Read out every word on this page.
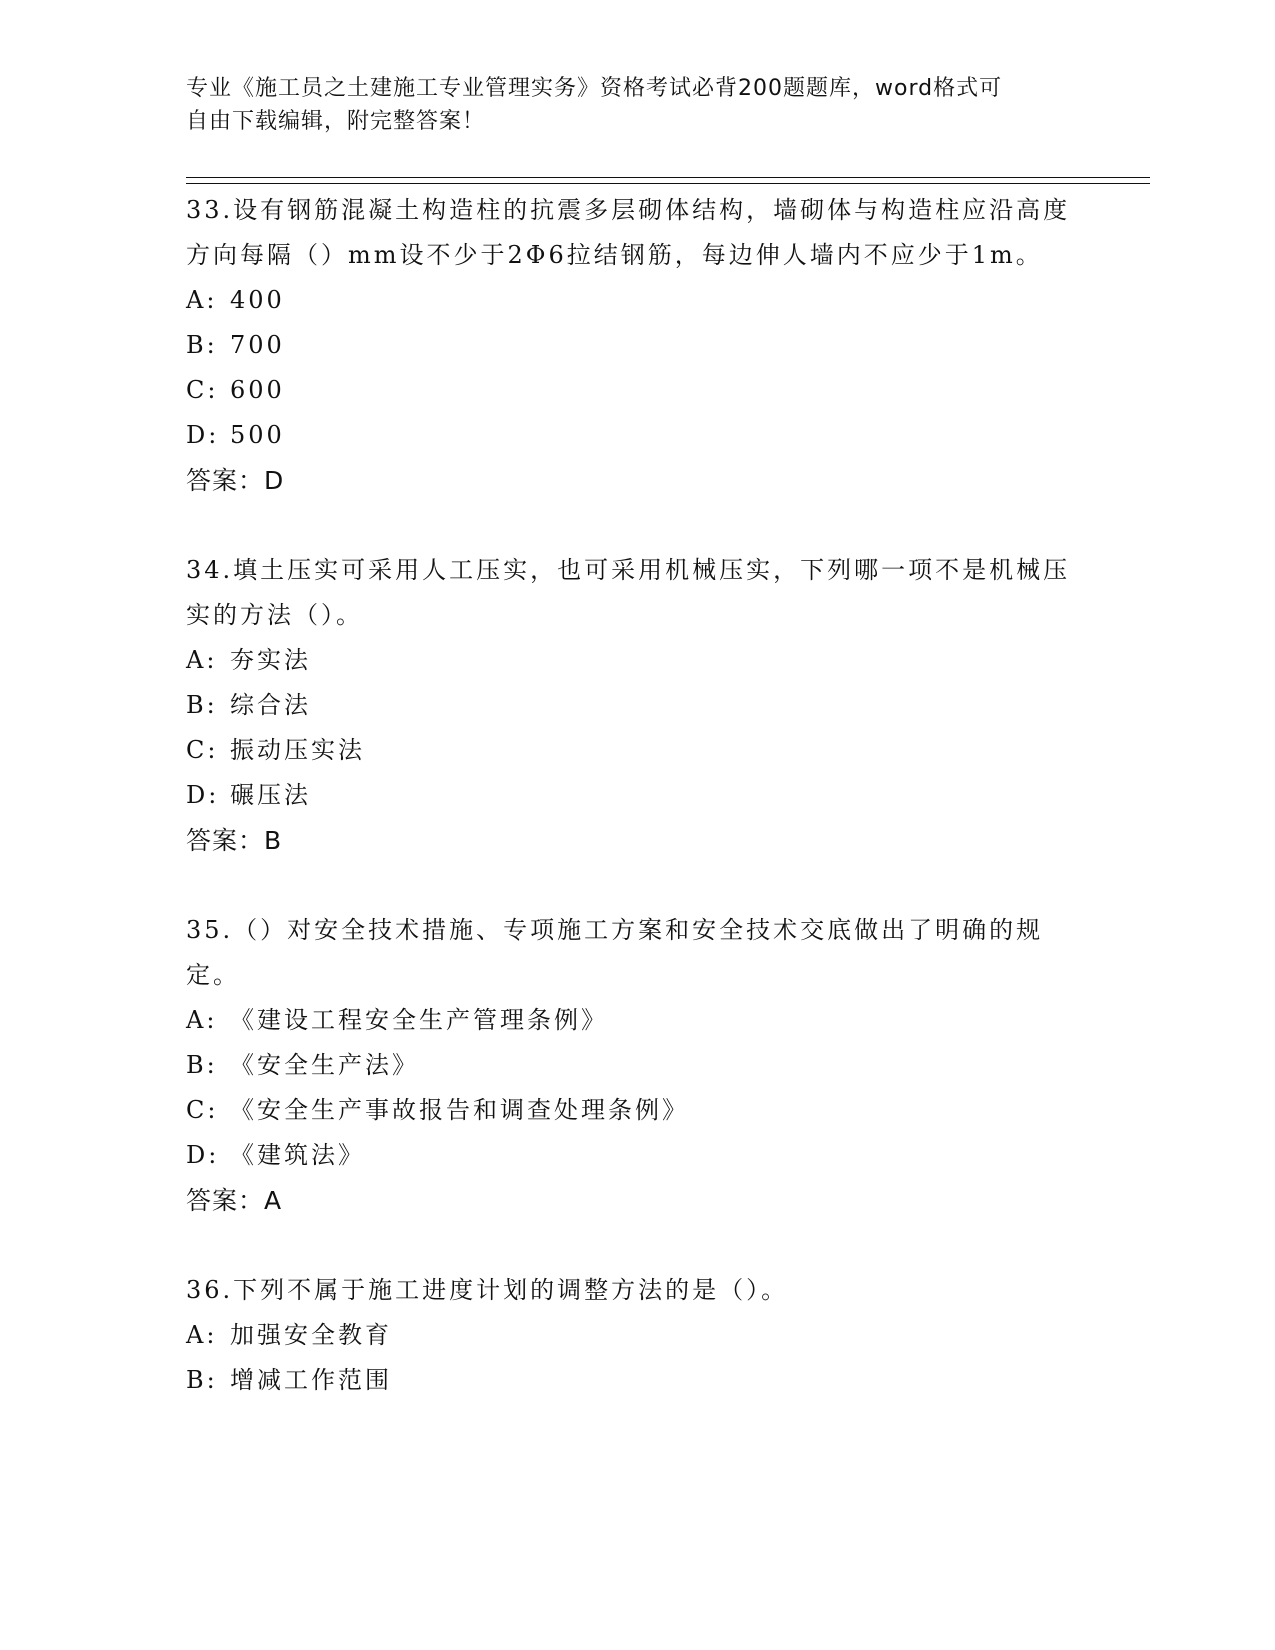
专业《施工员之土建施工专业管理实务》资格考试必背200题题库，word格式可
自由下载编辑，附完整答案！
33.设有钢筋混凝土构造柱的抗震多层砌体结构，墙砌体与构造柱应沿高度方向每隔（）mm设不少于2Φ6拉结钢筋，每边伸人墙内不应少于1m。
A: 400
B: 700
C: 600
D: 500
答案：D
34.填土压实可采用人工压实，也可采用机械压实，下列哪一项不是机械压实的方法（）。
A: 夯实法
B: 综合法
C: 振动压实法
D: 碾压法
答案：B
35.（）对安全技术措施、专项施工方案和安全技术交底做出了明确的规定。
A: 《建设工程安全生产管理条例》
B: 《安全生产法》
C: 《安全生产事故报告和调查处理条例》
D: 《建筑法》
答案：A
36.下列不属于施工进度计划的调整方法的是（）。
A: 加强安全教育
B: 增减工作范围
